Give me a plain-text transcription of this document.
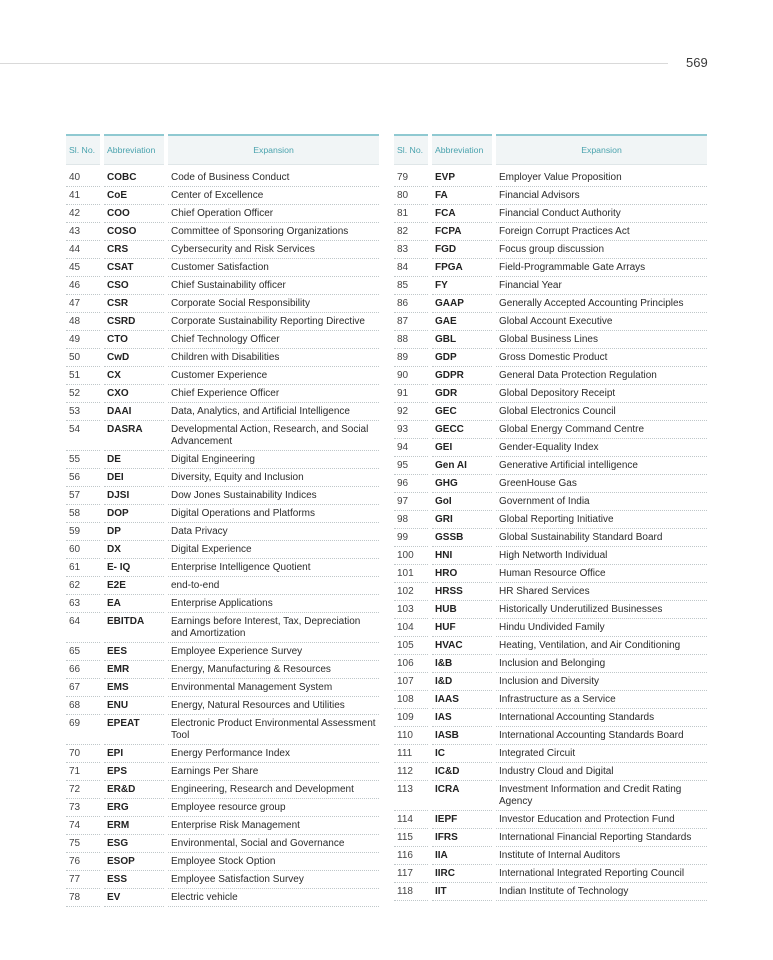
569
Sl. No.	Abbreviation	Expansion
40	COBC	Code of Business Conduct
41	CoE	Center of Excellence
42	COO	Chief Operation Officer
43	COSO	Committee of Sponsoring Organizations
44	CRS	Cybersecurity and Risk Services
45	CSAT	Customer Satisfaction
46	CSO	Chief Sustainability officer
47	CSR	Corporate Social Responsibility
48	CSRD	Corporate Sustainability Reporting Directive
49	CTO	Chief Technology Officer
50	CwD	Children with Disabilities
51	CX	Customer Experience
52	CXO	Chief Experience Officer
53	DAAI	Data, Analytics, and Artificial Intelligence
54	DASRA	Developmental Action, Research, and Social Advancement
55	DE	Digital Engineering
56	DEI	Diversity, Equity and Inclusion
57	DJSI	Dow Jones Sustainability Indices
58	DOP	Digital Operations and Platforms
59	DP	Data Privacy
60	DX	Digital Experience
61	E- IQ	Enterprise Intelligence Quotient
62	E2E	end-to-end
63	EA	Enterprise Applications
64	EBITDA	Earnings before Interest, Tax, Depreciation and Amortization
65	EES	Employee Experience Survey
66	EMR	Energy, Manufacturing & Resources
67	EMS	Environmental Management System
68	ENU	Energy, Natural Resources and Utilities
69	EPEAT	Electronic Product Environmental Assessment Tool
70	EPI	Energy Performance Index
71	EPS	Earnings Per Share
72	ER&D	Engineering, Research and Development
73	ERG	Employee resource group
74	ERM	Enterprise Risk Management
75	ESG	Environmental, Social and Governance
76	ESOP	Employee Stock Option
77	ESS	Employee Satisfaction Survey
78	EV	Electric vehicle
Sl. No.	Abbreviation	Expansion
79	EVP	Employer Value Proposition
80	FA	Financial Advisors
81	FCA	Financial Conduct Authority
82	FCPA	Foreign Corrupt Practices Act
83	FGD	Focus group discussion
84	FPGA	Field-Programmable Gate Arrays
85	FY	Financial Year
86	GAAP	Generally Accepted Accounting Principles
87	GAE	Global Account Executive
88	GBL	Global Business Lines
89	GDP	Gross Domestic Product
90	GDPR	General Data Protection Regulation
91	GDR	Global Depository Receipt
92	GEC	Global Electronics Council
93	GECC	Global Energy Command Centre
94	GEI	Gender-Equality Index
95	Gen AI	Generative Artificial intelligence
96	GHG	GreenHouse Gas
97	GoI	Government of India
98	GRI	Global Reporting Initiative
99	GSSB	Global Sustainability Standard Board
100	HNI	High Networth Individual
101	HRO	Human Resource Office
102	HRSS	HR Shared Services
103	HUB	Historically Underutilized Businesses
104	HUF	Hindu Undivided Family
105	HVAC	Heating, Ventilation, and Air Conditioning
106	I&B	Inclusion and Belonging
107	I&D	Inclusion and Diversity
108	IAAS	Infrastructure as a Service
109	IAS	International Accounting Standards
110	IASB	International Accounting Standards Board
111	IC	Integrated Circuit
112	IC&D	Industry Cloud and Digital
113	ICRA	Investment Information and Credit Rating Agency
114	IEPF	Investor Education and Protection Fund
115	IFRS	International Financial Reporting Standards
116	IIA	Institute of Internal Auditors
117	IIRC	International Integrated Reporting Council
118	IIT	Indian Institute of Technology
